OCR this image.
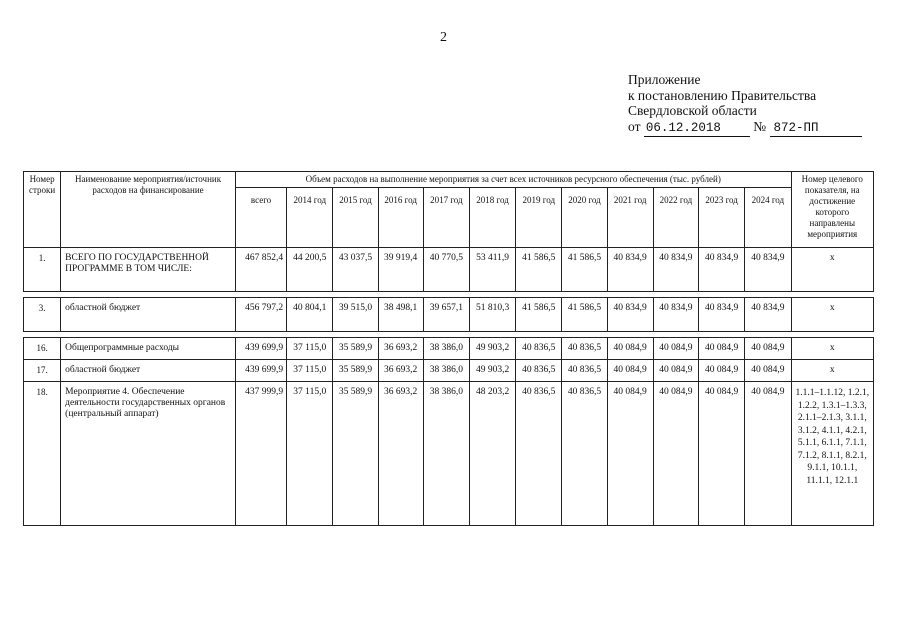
2
Приложение
к постановлению Правительства
Свердловской области
от 06.12.2018 № 872-ПП
Номер строки	Наименование мероприятия/источник расходов на финансирование	Объем расходов на выполнение мероприятия за счет всех источников ресурсного обеспечения (тыс. рублей)												Номер целевого показателя, на достижение которого направлены мероприятия
		всего	2014 год	2015 год	2016 год	2017 год	2018 год	2019 год	2020 год	2021 год	2022 год	2023 год	2024 год	
1.	ВСЕГО ПО ГОСУДАРСТВЕННОЙ ПРОГРАММЕ В ТОМ ЧИСЛЕ:	467 852,4	44 200,5	43 037,5	39 919,4	40 770,5	53 411,9	41 586,5	41 586,5	40 834,9	40 834,9	40 834,9	40 834,9	x

3.	областной бюджет	456 797,2	40 804,1	39 515,0	38 498,1	39 657,1	51 810,3	41 586,5	41 586,5	40 834,9	40 834,9	40 834,9	40 834,9	x

16.	Общепрограммные расходы	439 699,9	37 115,0	35 589,9	36 693,2	38 386,0	49 903,2	40 836,5	40 836,5	40 084,9	40 084,9	40 084,9	40 084,9	x
17.	областной бюджет	439 699,9	37 115,0	35 589,9	36 693,2	38 386,0	49 903,2	40 836,5	40 836,5	40 084,9	40 084,9	40 084,9	40 084,9	x
18.	Мероприятие 4. Обеспечение деятельности государственных органов (центральный аппарат)	437 999,9	37 115,0	35 589,9	36 693,2	38 386,0	48 203,2	40 836,5	40 836,5	40 084,9	40 084,9	40 084,9	40 084,9	1.1.1–1.1.12, 1.2.1, 1.2.2, 1.3.1–1.3.3, 2.1.1–2.1.3, 3.1.1, 3.1.2, 4.1.1, 4.2.1, 5.1.1, 6.1.1, 7.1.1, 7.1.2, 8.1.1, 8.2.1, 9.1.1, 10.1.1, 11.1.1, 12.1.1
